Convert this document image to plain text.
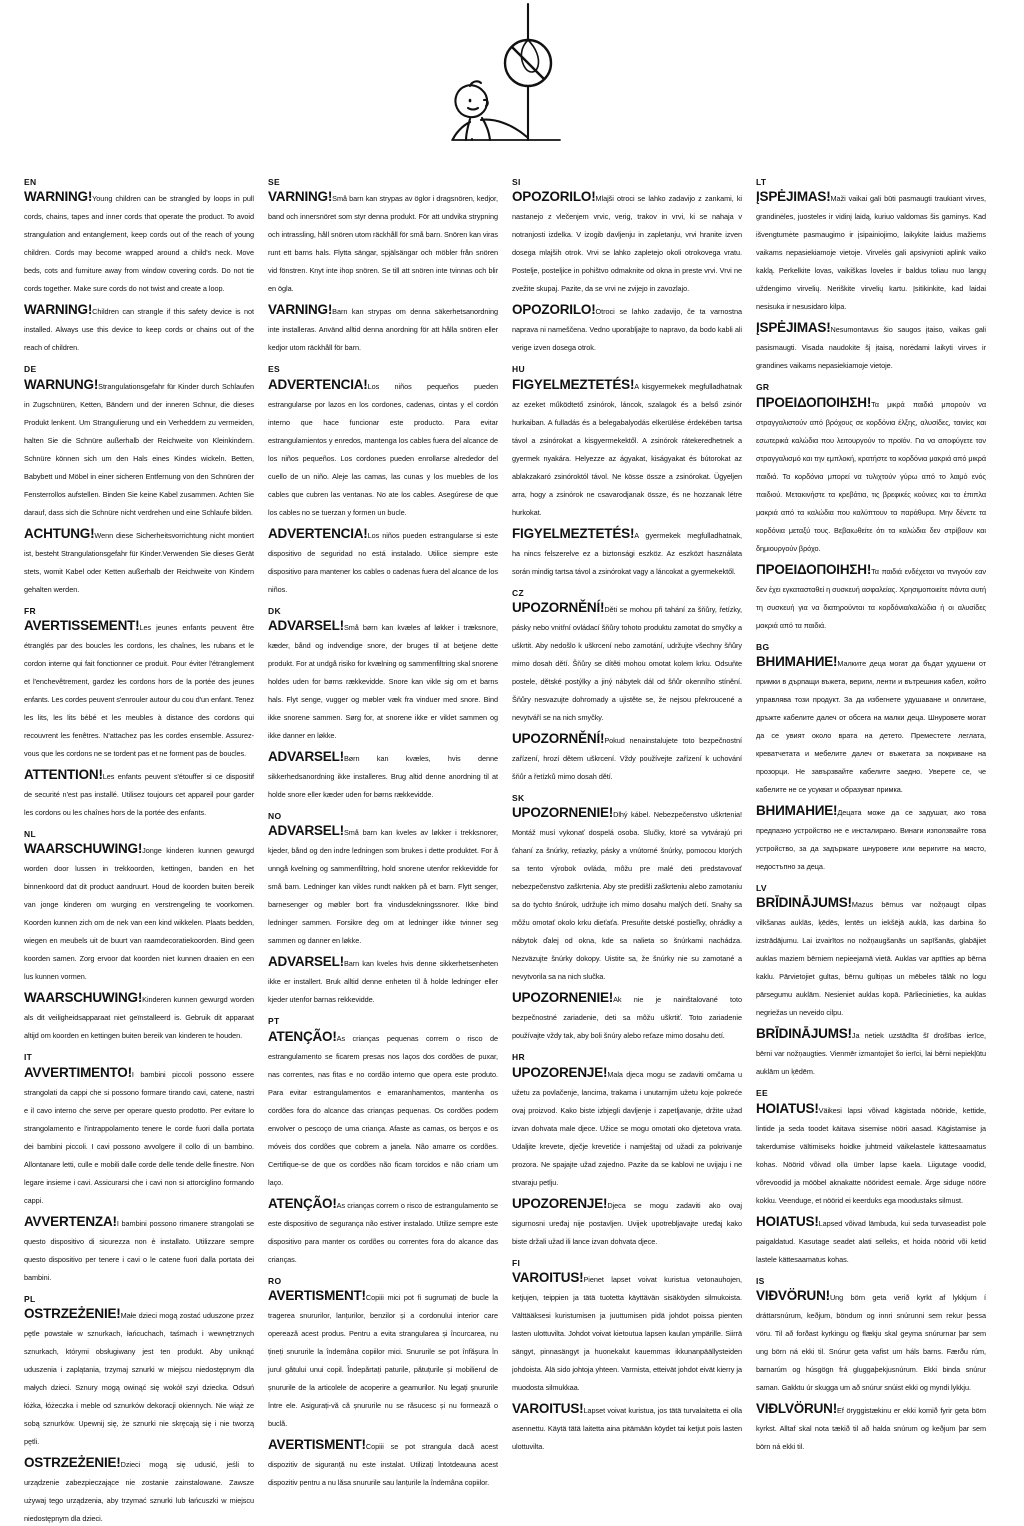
EN
WARNING!Young children can be strangled by loops in pull cords, chains, tapes and inner cords that operate the product. To avoid strangulation and entanglement, keep cords out of the reach of young children. Cords may become wrapped around a child's neck. Move beds, cots and furniture away from window covering cords. Do not tie cords together. Make sure cords do not twist and create a loop.
WARNING!Children can strangle if this safety device is not installed. Always use this device to keep cords or chains out of the reach of children.
DE
WARNUNG!Strangulationsgefahr für Kinder durch Schlaufen in Zugschnüren, Ketten, Bändern und der inneren Schnur, die dieses Produkt lenkent. Um Strangulierung und ein Verheddern zu vermeiden, halten Sie die Schnüre außerhalb der Reichweite von Kleinkindern. Schnüre können sich um den Hals eines Kindes wickeln. Betten, Babybett und Möbel in einer sicheren Entfernung von den Schnüren der Fensterrollos aufstellen. Binden Sie keine Kabel zusammen. Achten Sie darauf, dass sich die Schnüre nicht verdrehen und eine Schlaufe bilden.
ACHTUNG!Wenn diese Sicherheitsvorrichtung nicht montiert ist, besteht Strangulationsgefahr für Kinder.Verwenden Sie dieses Gerät stets, womit Kabel oder Ketten außerhalb der Reichweite von Kindern gehalten werden.
FR
AVERTISSEMENT!Les jeunes enfants peuvent être étranglés par des boucles les cordons, les chaînes, les rubans et le cordon interne qui fait fonctionner ce produit. Pour éviter l'étranglement et l'enchevêtrement, gardez les cordons hors de la portée des jeunes enfants. Les cordes peuvent s'enrouler autour du cou d'un enfant. Tenez les lits, les lits bébé et les meubles à distance des cordons qui recouvrent les fenêtres. N'attachez pas les cordes ensemble. Assurez-vous que les cordons ne se tordent pas et ne forment pas de boucles.
ATTENTION!Les enfants peuvent s'étouffer si ce dispositif de securité n'est pas installé. Utilisez toujours cet appareil pour garder les cordons ou les chaînes hors de la portée des enfants.
NL
WAARSCHUWING!Jonge kinderen kunnen gewurgd worden door lussen in trekkoorden, kettingen, banden en het binnenkoord dat dit product aandruurt. Houd de koorden buiten bereik van jonge kinderen om wurging en verstrengeling te voorkomen. Koorden kunnen zich om de nek van een kind wikkelen. Plaats bedden, wiegen en meubels uit de buurt van raamdecoratiekoorden. Bind geen koorden samen. Zorg ervoor dat koorden niet kunnen draaien en een lus kunnen vormen.
WAARSCHUWING!Kinderen kunnen gewurgd worden als dit veiligheidsapparaat niet geïnstalleerd is. Gebruik dit apparaat altijd om koorden en kettingen buiten bereik van kinderen te houden.
IT
AVVERTIMENTO!I bambini piccoli possono essere strangolati da cappi che si possono formare tirando cavi, catene, nastri e il cavo interno che serve per operare questo prodotto. Per evitare lo strangolamento e l'intrappolamento tenere le corde fuori dalla portata dei bambini piccoli. I cavi possono avvolgere il collo di un bambino. Allontanare letti, culle e mobili dalle corde delle tende delle finestre. Non legare insieme i cavi. Assicurarsi che i cavi non si attorciglino formando cappi.
AVVERTENZA!I bambini possono rimanere strangolati se questo dispositivo di sicurezza non è installato. Utilizzare sempre questo dispositivo per tenere i cavi o le catene fuori dalla portata dei bambini.
PL
OSTRZEŻENIE!Małe dzieci mogą zostać uduszone przez pętle powstałe w sznurkach, łańcuchach, taśmach i wewnętrznych sznurkach, którymi obsługiwany jest ten produkt. Aby uniknąć uduszenia i zaplątania, trzymaj sznurki w miejscu niedostępnym dla małych dzieci. Sznury mogą owinąć się wokół szyi dziecka. Odsuń łóżka, łóżeczka i meble od sznurków dekoracji okiennych. Nie wiąż ze sobą sznurków. Upewnij się, że sznurki nie skręcają się i nie tworzą pętli.
OSTRZEŻENIE!Dzieci mogą się udusić, jeśli to urządzenie zabezpieczające nie zostanie zainstalowane. Zawsze używaj tego urządzenia, aby trzymać sznurki lub łańcuszki w miejscu niedostępnym dla dzieci.
SE
VARNING!Små barn kan strypas av öglor i dragsnören, kedjor, band och innersnöret som styr denna produkt. För att undvika strypning och intrassling, håll snören utom räckhåll för små barn. Snören kan viras runt ett barns hals. Flytta sängar, spjälsängar och möbler från snören vid fönstren. Knyt inte ihop snören. Se till att snören inte tvinnas och blir en ögla.
VARNING!Barn kan strypas om denna säkerhetsanordning inte installeras. Använd alltid denna anordning för att hålla snören eller kedjor utom räckhåll för barn.
ES
ADVERTENCIA!Los niños pequeños pueden estrangularse por lazos en los cordones, cadenas, cintas y el cordón interno que hace funcionar este producto. Para evitar estrangulamientos y enredos, mantenga los cables fuera del alcance de los niños pequeños. Los cordones pueden enrollarse alrededor del cuello de un niño. Aleje las camas, las cunas y los muebles de los cables que cubren las ventanas. No ate los cables. Asegúrese de que los cables no se tuerzan y formen un bucle.
ADVERTENCIA!Los niños pueden estrangularse si este dispositivo de seguridad no está instalado. Utilice siempre este dispositivo para mantener los cables o cadenas fuera del alcance de los niños.
DK
ADVARSEL!Små børn kan kvæles af løkker i træksnore, kæder, bånd og indvendige snore, der bruges til at betjene dette produkt. For at undgå risiko for kvælning og sammenfiltring skal snorene holdes uden for børns rækkevidde. Snore kan vikle sig om et barns hals. Flyt senge, vugger og møbler væk fra vinduer med snore. Bind ikke snorene sammen. Sørg for, at snorene ikke er viklet sammen og ikke danner en løkke.
ADVARSEL!Børn kan kvæles, hvis denne sikkerhedsanordning ikke installeres. Brug altid denne anordning til at holde snore eller kæder uden for børns rækkevidde.
NO
ADVARSEL!Små barn kan kveles av løkker i trekksnorer, kjeder, bånd og den indre ledningen som brukes i dette produktet. For å unngå kvelning og sammenfiltring, hold snorene utenfor rekkevidde for små barn. Ledninger kan vikles rundt nakken på et barn. Flytt senger, barnesenger og møbler bort fra vindusdekningssnorer. Ikke bind ledninger sammen. Forsikre deg om at ledninger ikke tvinner seg sammen og danner en løkke.
ADVARSEL!Barn kan kveles hvis denne sikkerhetsenheten ikke er installert. Bruk alltid denne enheten til å holde ledninger eller kjeder utenfor barnas rekkevidde.
PT
ATENÇÃO!As crianças pequenas correm o risco de estrangulamento se ficarem presas nos laços dos cordões de puxar, nas correntes, nas fitas e no cordão interno que opera este produto. Para evitar estrangulamentos e emaranhamentos, mantenha os cordões fora do alcance das crianças pequenas. Os cordões podem envolver o pescoço de uma criança. Afaste as camas, os berços e os móveis dos cordões que cobrem a janela. Não amarre os cordões. Certifique-se de que os cordões não ficam torcidos e não criam um laço.
ATENÇÃO!As crianças correm o risco de estrangulamento se este dispositivo de segurança não estiver instalado. Utilize sempre este dispositivo para manter os cordões ou correntes fora do alcance das crianças.
RO
AVERTISMENT!Copiii mici pot fi sugrumați de bucle la tragerea snururilor, lanțurilor, benzilor și a cordonului interior care operează acest produs. Pentru a evita strangularea și încurcarea, nu țineți snururile la îndemâna copiilor mici. Snururile se pot înfășura în jurul gâtului unui copil. Îndepărtați paturile, pătuțurile și mobilierul de șnururile de la articolele de acoperire a geamurilor. Nu legați șnururile între ele. Asigurați-vă că șnururile nu se răsucesc și nu formează o buclă.
AVERTISMENT!Copiii se pot strangula dacă acest dispozitiv de siguranță nu este instalat. Utilizați întotdeauna acest dispozitiv pentru a nu lăsa snururile sau lanțurile la îndemâna copiilor.
SI
OPOZORILO!Mlajši otroci se lahko zadavijo z zankami, ki nastanejo z vlečenjem vrvic, verig, trakov in vrvi, ki se nahaja v notranjosti izdelka. V izogib davljenju in zapletanju, vrvi hranite izven dosega mlajših otrok. Vrvi se lahko zapletejo okoli otrokovega vratu. Postelje, posteljice in pohištvo odmaknite od okna in preste vrvi. Vrvi ne zvežite skupaj. Pazite, da se vrvi ne zvijejo in zavozlajo.
OPOZORILO!Otroci se lahko zadavijo, če ta varnostna naprava ni nameščena. Vedno uporabljajte to napravo, da bodo kabli ali verige izven dosega otrok.
HU
FIGYELMEZTETÉS!A kisgyermekek megfulladhatnak az ezeket működtető zsinórok, láncok, szalagok és a belső zsinór hurkaiban. A fulladás és a belegabalyodás elkerülése érdekében tartsa távol a zsinórokat a kisgyermekektől. A zsinórok rátekeredhetnek a gyermek nyakára. Helyezze az ágyakat, kiságyakat és bútorokat az ablakzakaró zsinóroktól távol. Ne kösse össze a zsinórokat. Ügyeljen arra, hogy a zsinórok ne csavarodjanak össze, és ne hozzanak létre hurkokat.
FIGYELMEZTETÉS!A gyermekek megfulladhatnak, ha nincs felszerelve ez a biztonsági eszköz. Az eszközt használata során mindig tartsa távol a zsinórokat vagy a láncokat a gyermekektől.
CZ
UPOZORNĚNÍ!Děti se mohou při tahání za šňůry, řetízky, pásky nebo vnitřní ovládací šňůry tohoto produktu zamotat do smyčky a uškrtit. Aby nedošlo k uškrcení nebo zamotání, udržujte všechny šňůry mimo dosah dětí. Šňůry se dítěti mohou omotat kolem krku. Odsuňte postele, dětské postýlky a jiný nábytek dál od šňůr okenního stínění. Šňůry nesvazujte dohromady a ujistěte se, že nejsou překroucené a nevytváří se na nich smyčky.
UPOZORNĚNÍ!Pokud nenainstalujete toto bezpečnostní zařízení, hrozí dětem uškrcení. Vždy používejte zařízení k uchování šňůr a řetízků mimo dosah dětí.
SK
UPOZORNENIE!Dlhý kábel. Nebezpečenstvo uškrtenia! Montáž musí vykonať dospelá osoba. Slučky, ktoré sa vytvárajú pri ťahaní za šnúrky, retiazky, pásky a vnútorné šnúrky, pomocou ktorých sa tento výrobok ovláda, môžu pre malé deti predstavovať nebezpečenstvo zaškrtenia. Aby ste predišli zaškrteniu alebo zamotaniu sa do tychto šnúrok, udržujte ich mimo dosahu malých detí. Snahy sa môžu omotať okolo krku dieťaťa. Presuňte detské postieľky, ohrádky a nábytok ďalej od okna, kde sa nalieta so šnúrkami nachádza. Nezväzujte šnúrky dokopy. Uistite sa, že šnúrky nie su zamotané a nevytvorila sa na nich slučka.
UPOZORNENIE!Ak nie je nainštalované toto bezpečnostné zariadenie, deti sa môžu uškrtiť. Toto zariadenie používajte vždy tak, aby boli šnúry alebo reťaze mimo dosahu detí.
HR
UPOZORENJE!Mala djeca mogu se zadaviti omčama u užetu za povlačenje, lancima, trakama i unutarnjim užetu koje pokreće ovaj proizvod. Kako biste izbjegli davljenje i zapetljavanje, držite užad izvan dohvata male djece. Užice se mogu omotati oko djetetova vrata. Udaljite krevete, dječje krevetiće i namještaj od užadi za pokrivanje prozora. Ne spajajte užad zajedno. Pazite da se kablovi ne uvijaju i ne stvaraju petlju.
UPOZORENJE!Djeca se mogu zadaviti ako ovaj sigurnosni uređaj nije postavljen. Uvijek upotrebljavajte uređaj kako biste držali užad ili lance izvan dohvata djece.
FI
VAROITUS!Pienet lapset voivat kuristua vetonauhojen, ketjujen, teippien ja tätä tuotetta käyttävän sisäköyden silmukoista. Välttääksesi kuristumisen ja juuttumisen pidä johdot poissa pienten lasten ulottuvilta. Johdot voivat kietoutua lapsen kaulan ympärille. Siirrä sängyt, pinnasängyt ja huonekalut kauemmas ikkunanpäällysteiden johdoista. Älä sido johtoja yhteen. Varmista, etteivät johdot eivät kierry ja muodosta silmukkaa.
VAROITUS!Lapset voivat kuristua, jos tätä turvalaitetta ei olla asennettu. Käytä tätä laitetta aina pitämään köydet tai ketjut pois lasten ulottuvilta.
LT
ĮSPĖJIMAS!Maži vaikai gali būti pasmaugti traukiant virves, grandinėles, juosteles ir vidinį laidą, kuriuo valdomas šis gaminys. Kad išvengtumėte pasmaugimo ir įsipainiojimo, laikykite laidus mažiems vaikams nepasiekiamoje vietoje. Virvelės gali apsivynioti aplink vaiko kaklą. Perkelkite lovas, vaikiškas loveles ir baldus toliau nuo langų uždengimo virvelių. Neriškite virvelių kartu. Įsitikinkite, kad laidai nesisuka ir nesusidaro kilpa.
ĮSPĖJIMAS!Nesumontavus šio saugos įtaiso, vaikas gali pasismaugti. Visada naudokite šį įtaisą, norėdami laikyti virves ir grandines vaikams nepasiekiamoje vietoje.
GR
ΠΡΟΕΙΔΟΠΟΙΗΣΗ!Τα μικρά παιδιά μπορούν να στραγγαλιστούν από βρόχους σε κορδόνια έλξης, αλυσίδες, ταινίες και εσωτερικά καλώδια που λειτουργούν το προϊόν. Για να αποφύγετε τον στραγγαλισμό και την εμπλοκή, κρατήστε τα κορδόνια μακριά από μικρά παιδιά. Τα κορδόνια μπορεί να τυλιχτούν γύρω από το λαιμό ενός παιδιού. Μετακινήστε τα κρεβάτια, τις βρεφικές κούνιες και τα έπιπλα μακριά από τα καλώδια που καλύπτουν τα παράθυρα. Μην δένετε τα κορδόνια μεταξύ τους. Βεβαιωθείτε ότι τα καλώδια δεν στρίβουν και δημιουργούν βρόχο.
ΠΡΟΕΙΔΟΠΟΙΗΣΗ!Τα παιδιά ενδέχεται να πνιγούν εαν δεν έχει εγκατασταθεί η συσκευή ασφαλείας. Χρησιμοποιείτε πάντα αυτή τη συσκευή για να διατηρούνται τα κορδόνια/καλώδια ή οι αλυσίδες μακριά από τα παιδιά.
BG
ВНИМАНИЕ!Малките деца могат да бъдат удушени от примки в дърпащи въжета, вериги, ленти и вътрешния кабел, който управлява този продукт. За да избегнете удушаване и оплитане, дръжте кабелите далеч от обсега на малки деца. Шнуровете могат да се увият около врата на детето. Преместете леглата, креватчетата и мебелите далеч от въжетата за покриване на прозорци. Не завързвайте кабелите заедно. Уверете се, че кабелите не се усукват и образуват примка.
ВНИМАНИЕ!Децата може да се задушат, ако това предпазно устройство не е инсталирано. Винаги използвайте това устройство, за да задържате шнуровете или веригите на място, недостъпно за деца.
LV
BRĪDINĀJUMS!Mazus bērnus var nožņaugt cilpas vilkšanas auklās, ķēdēs, lentēs un iekšējā auklā, kas darbina šo izstrādājumu. Lai izvairītos no nožņaugšanās un sapīšanās, glabājiet auklas maziem bērniem nepieejamā vietā. Auklas var aptīties ap bērna kaklu. Pārvietojiet gultas, bērnu gultiņas un mēbeles tālāk no logu pārsegumu auklām. Nesieniet auklas kopā. Pārliecinieties, ka auklas negriežas un neveido cilpu.
BRĪDINĀJUMS!Ja netiek uzstādīta šī drošības ierīce, bērni var nožņaugties. Vienmēr izmantojiet šo ierīci, lai bērni nepiekļūtu auklām un ķēdēm.
EE
HOIATUS!Väikesi lapsi võivad kägistada nööride, kettide, lintide ja seda toodet käitava sisemise nööri aasad. Kägistamise ja takerdumise vältimiseks hoidke juhtmeid väikelastele kättesaamatus kohas. Nöörid võivad olla ümber lapse kaela. Liigutage voodid, võrevoodid ja mööbel aknakatte nööridest eemale. Ärge siduge nööre kokku. Veenduge, et nöörid ei keerduks ega moodustaks silmust.
HOIATUS!Lapsed võivad lämbuda, kui seda turvaseadist pole paigaldatud. Kasutage seadet alati selleks, et hoida nöörid või ketid lastele kättesaamatus kohas.
IS
VIÐVÖRUN!Ung börn geta verið kyrkt af lykkjum í dráttarsnúrum, keðjum, böndum og innri snúrunni sem rekur þessa vöru. Til að forðast kyrkingu og flækju skal geyma snúrurnar þar sem ung börn ná ekki til. Snúrur geta vafist um háls barns. Færðu rúm, barnarúm og húsgögn frá gluggaþekjusnúrum. Ekki binda snúrur saman. Gakktu úr skugga um að snúrur snúist ekki og myndi lykkju.
VIÐLVÖRUN!Ef öryggistækinu er ekki komið fyrir geta börn kyrkst. Alltaf skal nota tækið til að halda snúrum og keðjum þar sem börn ná ekki til.
